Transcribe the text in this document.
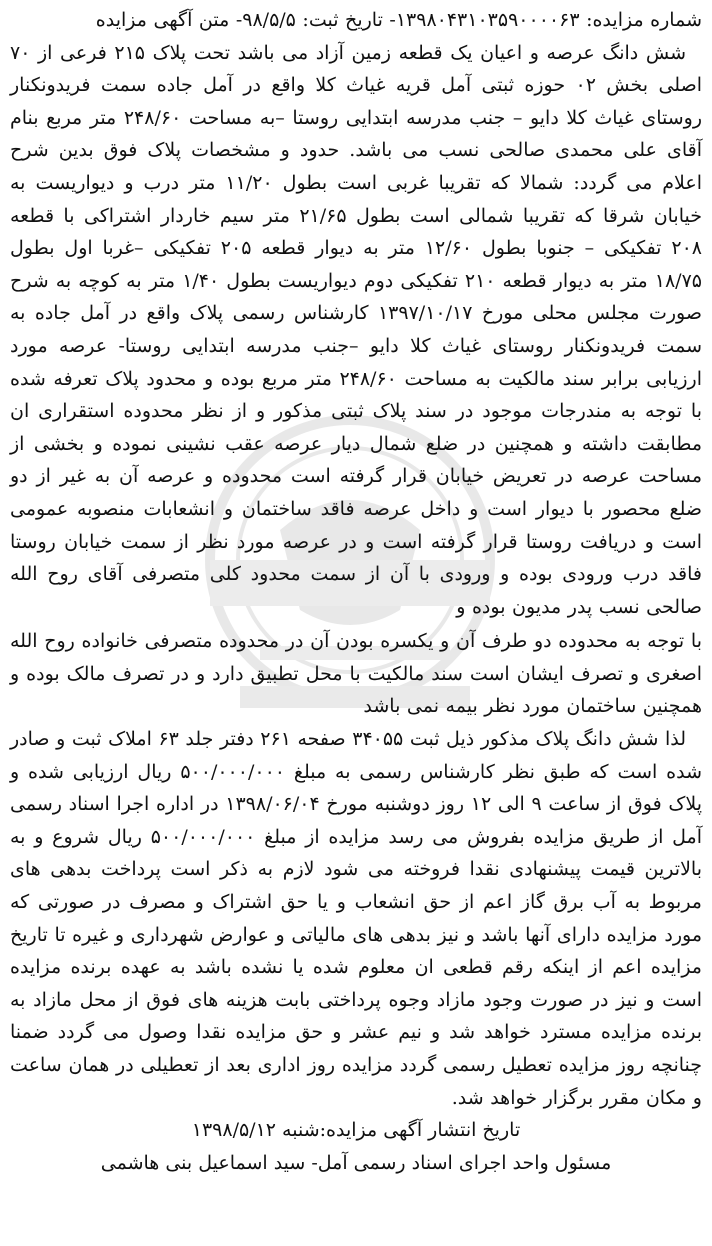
شماره مزایده: ۱۳۹۸۰۴۳۱۰۳۵۹۰۰۰۰۶۳- تاریخ ثبت: ۹۸/۵/۵- متن آگهی مزایده

شش دانگ عرصه و اعیان یک قطعه زمین آزاد می باشد تحت پلاک ۲۱۵ فرعی از ۷۰ اصلی بخش ۰۲ حوزه ثبتی آمل قریه غیاث کلا واقع در آمل جاده سمت فریدونکنار روستای غیاث کلا دایو – جنب مدرسه ابتدایی روستا –به مساحت ۲۴۸/۶۰ متر مربع بنام آقای علی محمدی صالحی نسب می باشد. حدود و مشخصات پلاک فوق بدین شرح اعلام می گردد: شمالا که تقریبا غربی است بطول ۱۱/۲۰ متر درب و دیواریست به خیابان شرقا که تقریبا شمالی است بطول ۲۱/۶۵ متر سیم خاردار اشتراکی با قطعه ۲۰۸ تفکیکی – جنوبا بطول ۱۲/۶۰ متر به دیوار قطعه ۲۰۵ تفکیکی –غربا اول بطول ۱۸/۷۵ متر به دیوار قطعه ۲۱۰ تفکیکی دوم دیواریست بطول ۱/۴۰ متر به کوچه به شرح صورت مجلس محلی مورخ ۱۳۹۷/۱۰/۱۷ کارشناس رسمی پلاک واقع در آمل جاده به سمت فریدونکنار روستای غیاث کلا دایو –جنب مدرسه ابتدایی روستا- عرصه مورد ارزیابی برابر سند مالکیت به مساحت ۲۴۸/۶۰ متر مربع بوده و محدود پلاک تعرفه شده با توجه به مندرجات موجود در سند پلاک ثبتی مذکور و از نظر محدوده استقراری ان مطابقت داشته و همچنین در ضلع شمال دیار عرصه عقب نشینی نموده و بخشی از مساحت عرصه در تعریض خیابان قرار گرفته است محدوده و عرصه آن به غیر از دو ضلع محصور با دیوار است و داخل عرصه فاقد ساختمان و انشعابات منصوبه عمومی است و دریافت روستا قرار گرفته است و در عرصه مورد نظر از سمت خیابان روستا فاقد درب ورودی بوده و ورودی با آن از سمت محدود کلی متصرفی آقای روح الله صالحی نسب پدر مدیون بوده و

با توجه به محدوده دو طرف آن و یکسره بودن آن در محدوده متصرفی خانواده روح الله اصغری و تصرف ایشان است سند مالکیت با محل تطبیق دارد و در تصرف مالک بوده و همچنین ساختمان مورد نظر بیمه نمی باشد

لذا شش دانگ پلاک مذکور ذیل ثبت ۳۴۰۵۵ صفحه ۲۶۱ دفتر جلد ۶۳ املاک ثبت و صادر شده است که طبق نظر کارشناس رسمی به مبلغ ۵۰۰/۰۰۰/۰۰۰ ریال ارزیابی شده و پلاک فوق از ساعت ۹ الی ۱۲ روز دوشنبه مورخ ۱۳۹۸/۰۶/۰۴ در اداره اجرا اسناد رسمی آمل از طریق مزایده بفروش می رسد مزایده از مبلغ ۵۰۰/۰۰۰/۰۰۰ ریال شروع و به بالاترین قیمت پیشنهادی نقدا فروخته می شود لازم به ذکر است پرداخت بدهی های مربوط به آب برق گاز اعم از حق انشعاب و یا حق اشتراک و مصرف در صورتی که مورد مزایده دارای آنها باشد و نیز بدهی های مالیاتی و عوارض شهرداری و غیره تا تاریخ مزایده اعم از اینکه رقم قطعی ان معلوم شده یا نشده باشد به عهده برنده مزایده است و نیز در صورت وجود مازاد وجوه پرداختی بابت هزینه های فوق از محل مازاد به برنده مزایده مسترد خواهد شد و نیم عشر و حق مزایده نقدا وصول می گردد ضمنا چنانچه روز مزایده تعطیل رسمی گردد مزایده روز اداری بعد از تعطیلی در همان ساعت و مکان مقرر برگزار خواهد شد.

تاریخ انتشار آگهی مزایده:شنبه ۱۳۹۸/۵/۱۲

مسئول واحد اجرای اسناد رسمی آمل- سید اسماعیل بنی هاشمی
